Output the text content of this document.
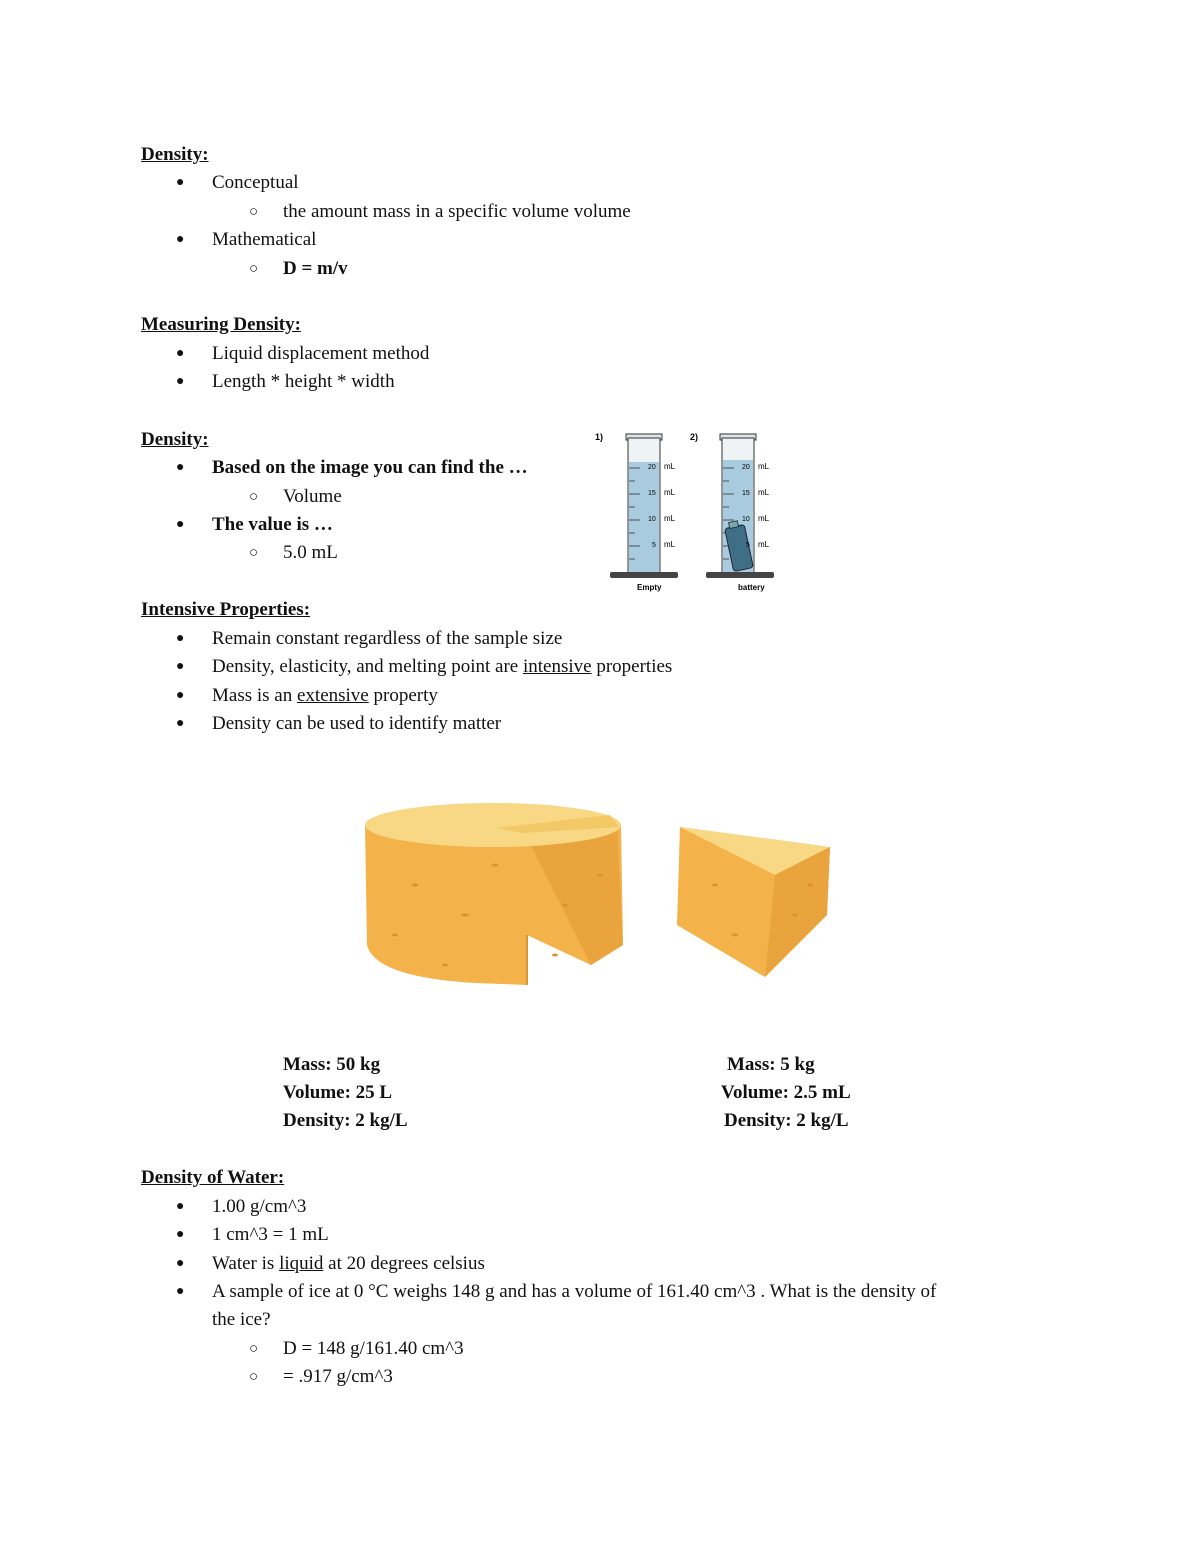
Density:
● Conceptual
○ the amount mass in a specific volume volume
● Mathematical
○ D = m/v
Measuring Density:
● Liquid displacement method
● Length * height * width
Density:
● Based on the image you can find the …
○ Volume
● The value is …
○ 5.0 mL
1)	2)
20
15
10
5
mL
mL
mL
mL
Empty
20
15
10
5
mL
mL
mL
mL
battery
Intensive Properties:
● Remain constant regardless of the sample size
● Density, elasticity, and melting point are intensive properties
● Mass is an extensive property
● Density can be used to identify matter
Mass: 50 kg
Volume: 25 L
Density: 2 kg/L
Mass: 5 kg
Volume: 2.5 mL
Density: 2 kg/L
Density of Water:
● 1.00 g/cm^3
● 1 cm^3 = 1 mL
● Water is liquid at 20 degrees celsius
● A sample of ice at 0 °C weighs 148 g and has a volume of 161.40 cm^3 . What is the density of
the ice?
○ D = 148 g/161.40 cm^3
○ = .917 g/cm^3
